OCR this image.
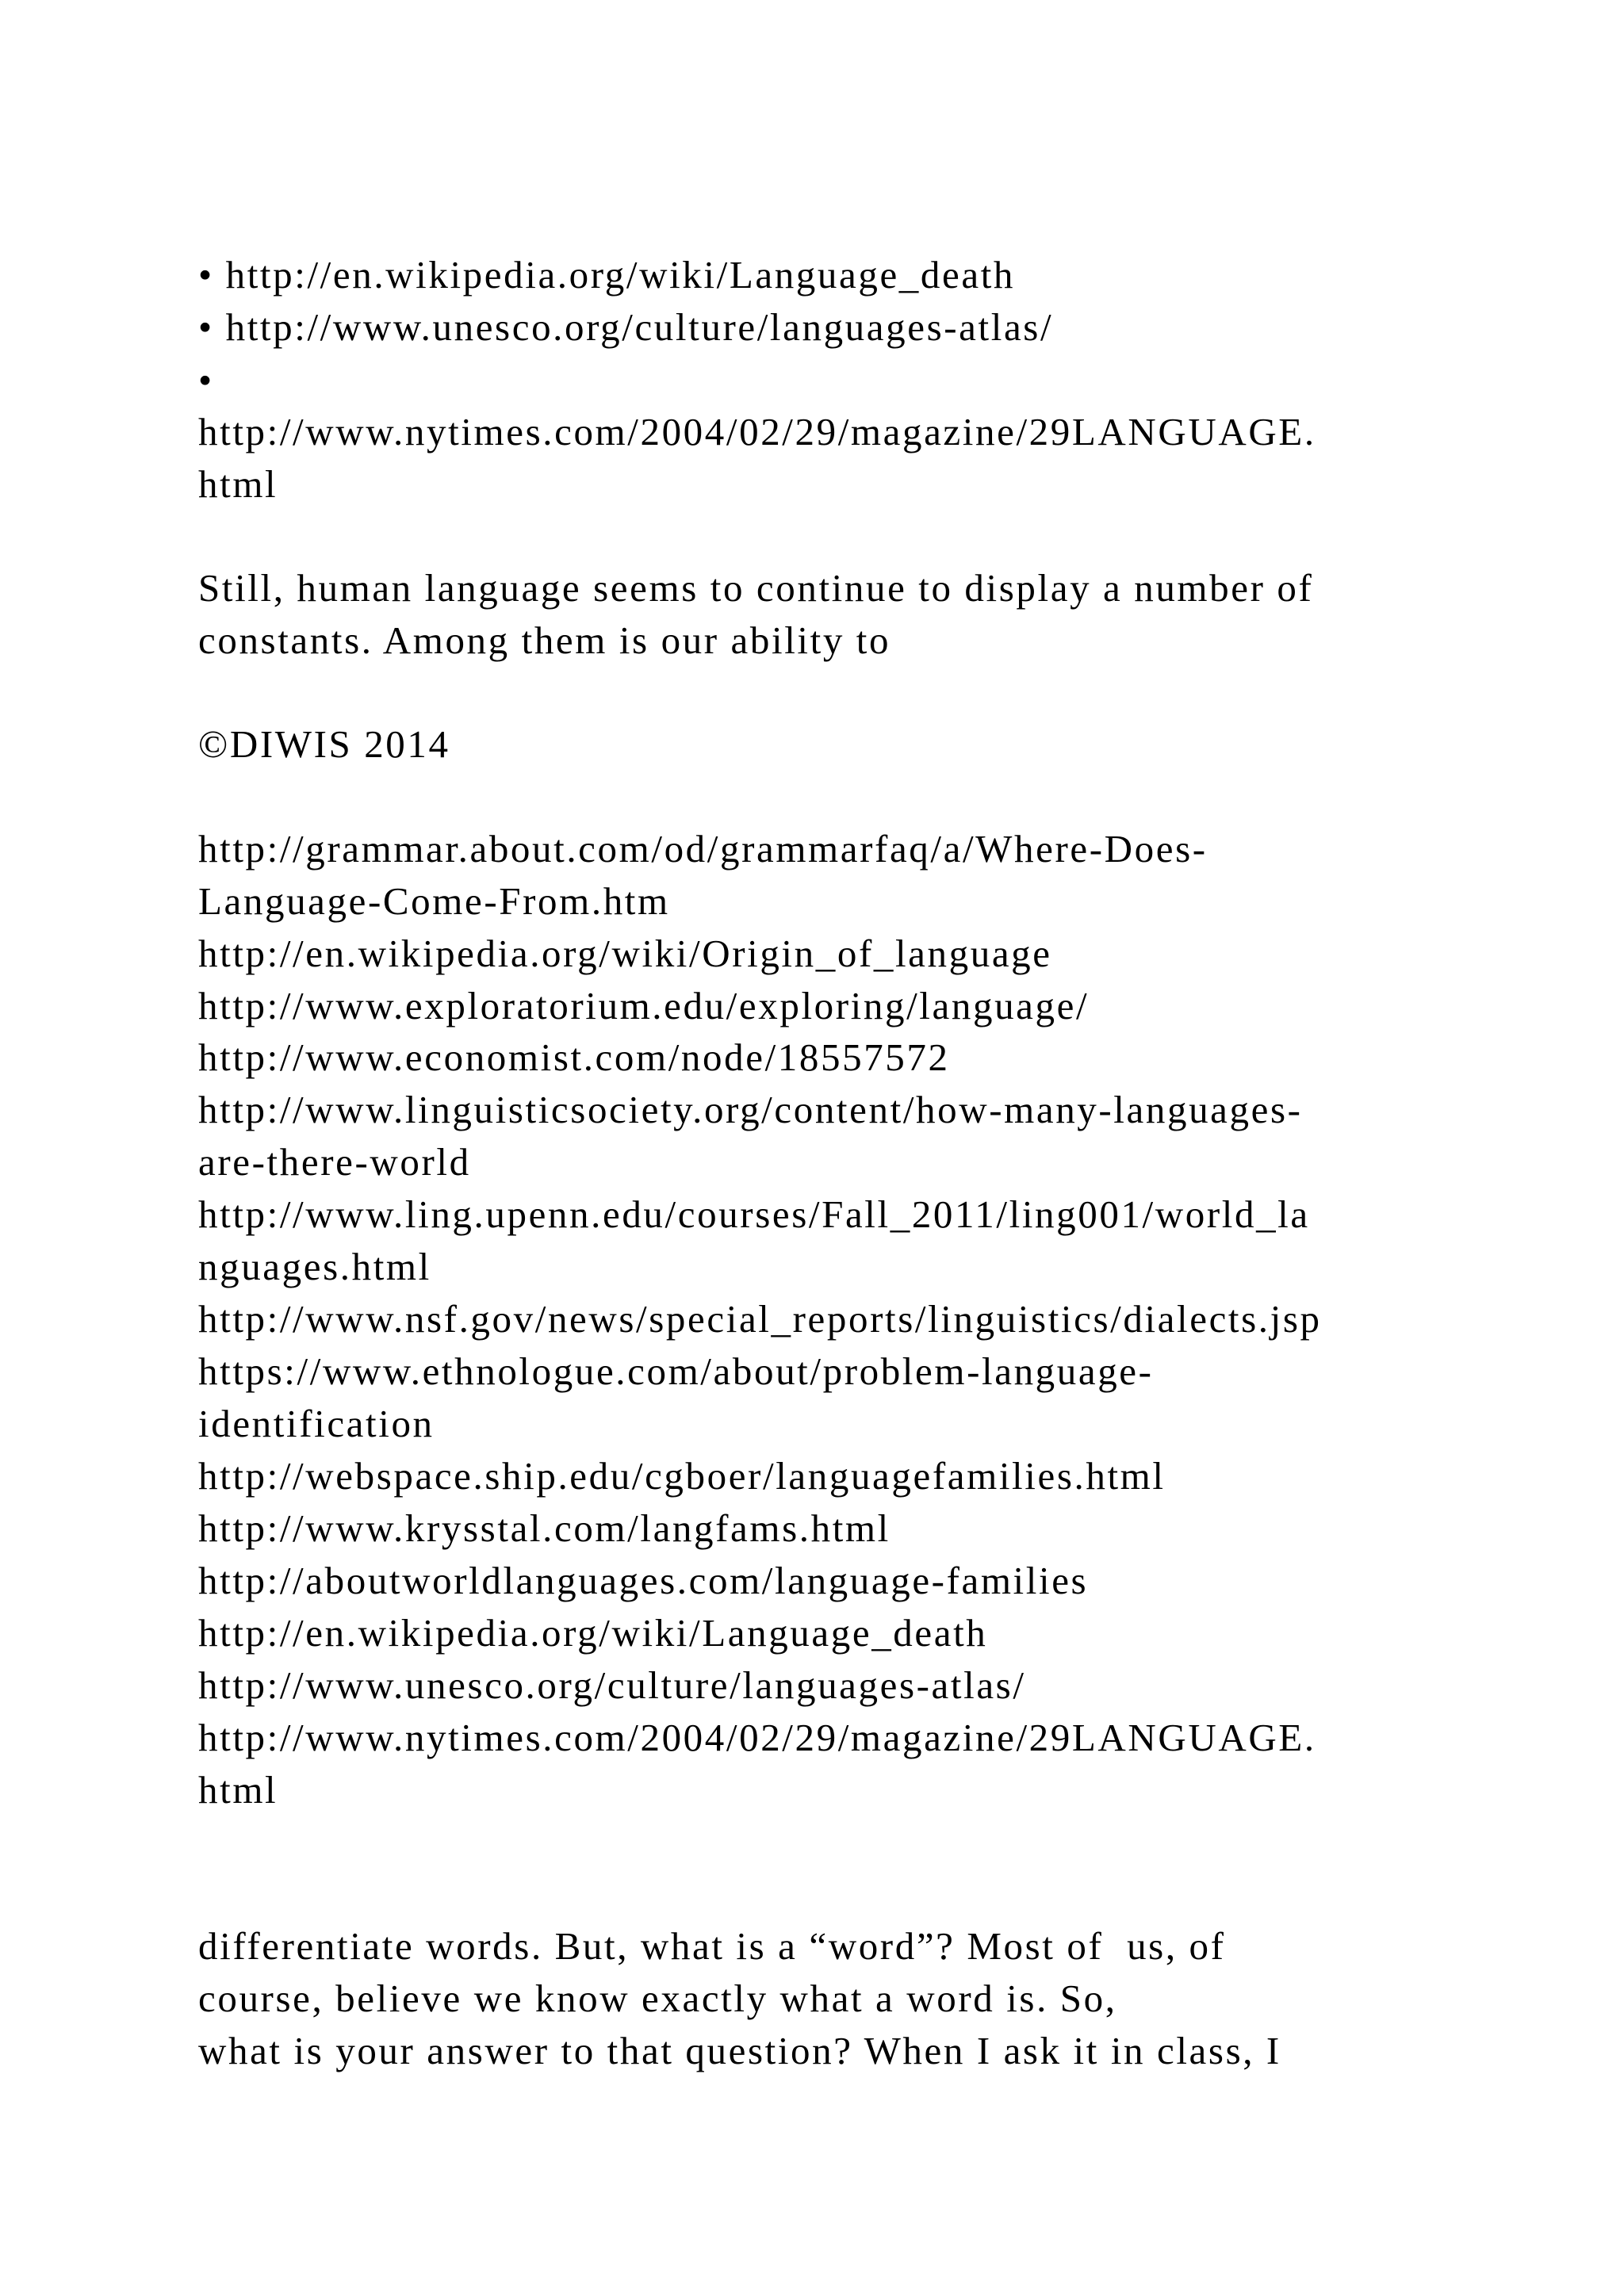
• http://en.wikipedia.org/wiki/Language_death
• http://www.unesco.org/culture/languages-atlas/
•
http://www.nytimes.com/2004/02/29/magazine/29LANGUAGE.
html
Still, human language seems to continue to display a number of
constants. Among them is our ability to
©DIWIS 2014
http://grammar.about.com/od/grammarfaq/a/Where-Does-
Language-Come-From.htm
http://en.wikipedia.org/wiki/Origin_of_language
http://www.exploratorium.edu/exploring/language/
http://www.economist.com/node/18557572
http://www.linguisticsociety.org/content/how-many-languages-
are-there-world
http://www.ling.upenn.edu/courses/Fall_2011/ling001/world_la
nguages.html
http://www.nsf.gov/news/special_reports/linguistics/dialects.jsp
https://www.ethnologue.com/about/problem-language-
identification
http://webspace.ship.edu/cgboer/languagefamilies.html
http://www.krysstal.com/langfams.html
http://aboutworldlanguages.com/language-families
http://en.wikipedia.org/wiki/Language_death
http://www.unesco.org/culture/languages-atlas/
http://www.nytimes.com/2004/02/29/magazine/29LANGUAGE.
html
differentiate words. But, what is a “word”? Most of  us, of
course, believe we know exactly what a word is. So,
what is your answer to that question? When I ask it in class, I
